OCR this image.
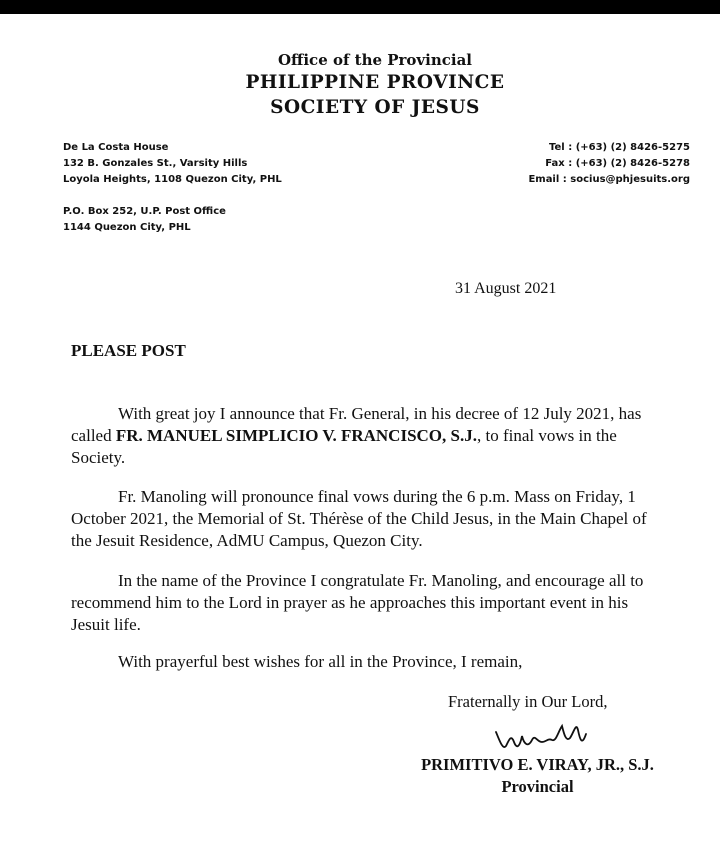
Office of the Provincial
PHILIPPINE PROVINCE
SOCIETY OF JESUS
De La Costa House
132 B. Gonzales St., Varsity Hills
Loyola Heights, 1108 Quezon City, PHL
Tel : (+63) (2) 8426-5275
Fax : (+63) (2) 8426-5278
Email : socius@phjesuits.org
P.O. Box 252, U.P. Post Office
1144 Quezon City, PHL
31 August 2021
PLEASE POST
With great joy I announce that Fr. General, in his decree of 12 July 2021, has called FR. MANUEL SIMPLICIO V. FRANCISCO, S.J., to final vows in the Society.
Fr. Manoling will pronounce final vows during the 6 p.m. Mass on Friday, 1 October 2021, the Memorial of St. Thérèse of the Child Jesus, in the Main Chapel of the Jesuit Residence, AdMU Campus, Quezon City.
In the name of the Province I congratulate Fr. Manoling, and encourage all to recommend him to the Lord in prayer as he approaches this important event in his Jesuit life.
With prayerful best wishes for all in the Province, I remain,
Fraternally in Our Lord,
PRIMITIVO E. VIRAY, JR., S.J.
Provincial
